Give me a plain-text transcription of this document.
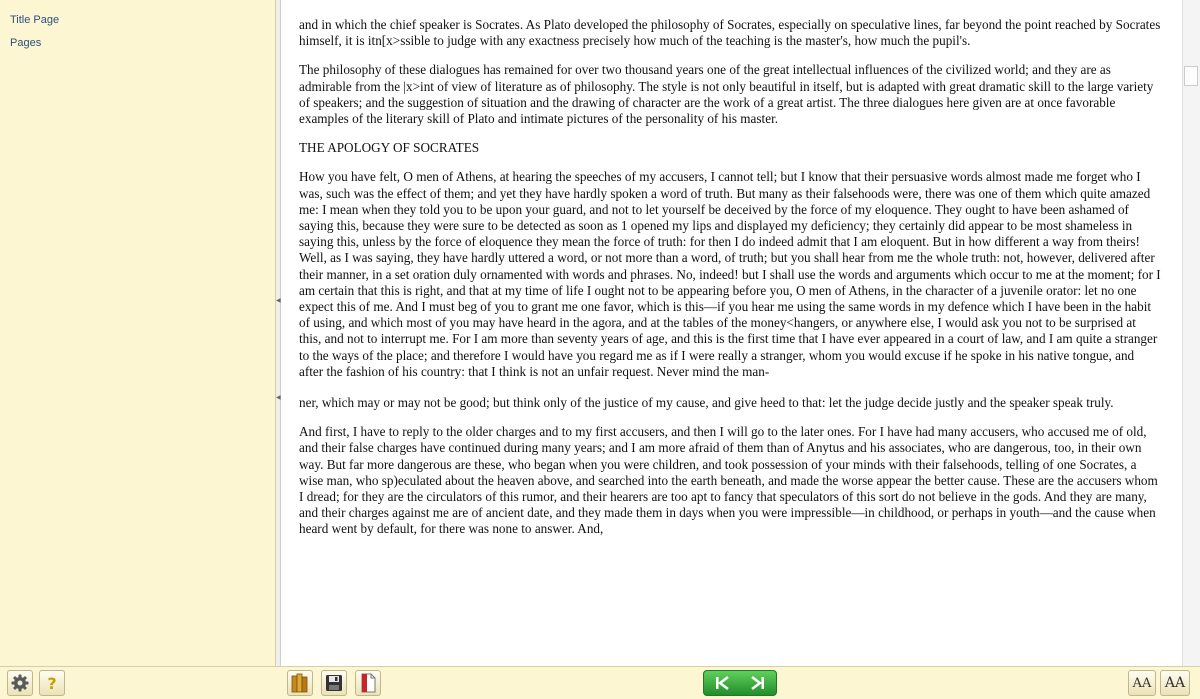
Title Page
Pages
◀
◀

and in which the chief speaker is Socrates. As Plato developed the philosophy of Socrates, especially on speculative lines, far beyond the point reached by Socrates himself, it is itn[x>ssible to judge with any exactness precisely how much of the teaching is the master's, how much the pupil's.

The philosophy of these dialogues has remained for over two thousand years one of the great intellectual influences of the civilized world; and they are as admirable from the |x>int of view of literature as of philosophy. The style is not only beautiful in itself, but is adapted with great dramatic skill to the large variety of speakers; and the suggestion of situation and the drawing of character are the work of a great artist. The three dialogues here given are at once favorable examples of the literary skill of Plato and intimate pictures of the personality of his master.

THE APOLOGY OF SOCRATES

How you have felt, O men of Athens, at hearing the speeches of my accusers, I cannot tell; but I know that their persuasive words almost made me forget who I was, such was the effect of them; and yet they have hardly spoken a word of truth. But many as their falsehoods were, there was one of them which quite amazed me: I mean when they told you to be upon your guard, and not to let yourself be deceived by the force of my eloquence. They ought to have been ashamed of saying this, because they were sure to be detected as soon as 1 opened my lips and displayed my deficiency; they certainly did appear to be most shameless in saying this, unless by the force of eloquence they mean the force of truth: for then I do indeed admit that I am eloquent. But in how different a way from theirs! Well, as I was saying, they have hardly uttered a word, or not more than a word, of truth; but you shall hear from me the whole truth: not, however, delivered after their manner, in a set oration duly ornamented with words and phrases. No, indeed! but I shall use the words and arguments which occur to me at the moment; for I am certain that this is right, and that at my time of life I ought not to be appearing before you, O men of Athens, in the character of a juvenile orator: let no one expect this of me. And I must beg of you to grant me one favor, which is this—if you hear me using the same words in my defence which I have been in the habit of using, and which most of you may have heard in the agora, and at the tables of the money<hangers, or anywhere else, I would ask you not to be surprised at this, and not to interrupt me. For I am more than seventy years of age, and this is the first time that I have ever appeared in a court of law, and I am quite a stranger to the ways of the place; and therefore I would have you regard me as if I were really a stranger, whom you would excuse if he spoke in his native tongue, and after the fashion of his country: that I think is not an unfair request. Never mind the man-

ner, which may or may not be good; but think only of the justice of my cause, and give heed to that: let the judge decide justly and the speaker speak truly.

And first, I have to reply to the older charges and to my first accusers, and then I will go to the later ones. For I have had many accusers, who accused me of old, and their false charges have continued during many years; and I am more afraid of them than of Anytus and his associates, who are dangerous, too, in their own way. But far more dangerous are these, who began when you were children, and took possession of your minds with their falsehoods, telling of one Socrates, a wise man, who sp)eculated about the heaven above, and searched into the earth beneath, and made the worse appear the better cause. These are the accusers whom I dread; for they are the circulators of this rumor, and their hearers are too apt to fancy that speculators of this sort do not believe in the gods. And they are many, and their charges against me are of ancient date, and they made them in days when you were impressible—in childhood, or perhaps in youth—and the cause when heard went by default, for there was none to answer. And,

?	AA AA
